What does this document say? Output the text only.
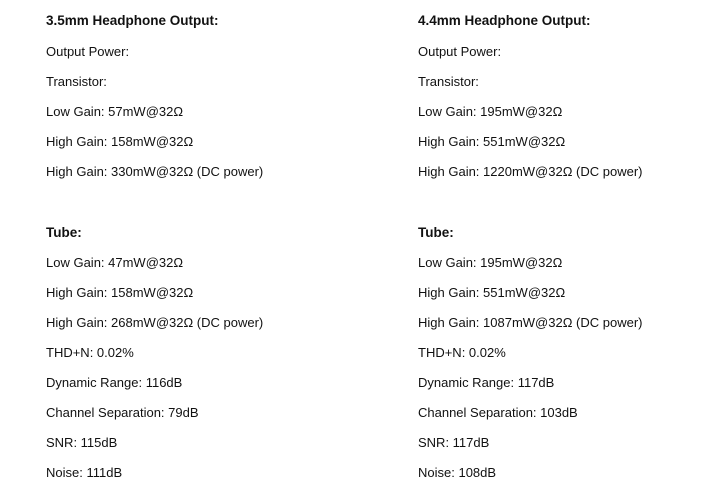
3.5mm Headphone Output:
Output Power:
Transistor:
Low Gain: 57mW@32Ω
High Gain: 158mW@32Ω
High Gain: 330mW@32Ω (DC power)
Tube:
Low Gain: 47mW@32Ω
High Gain: 158mW@32Ω
High Gain: 268mW@32Ω (DC power)
THD+N: 0.02%
Dynamic Range: 116dB
Channel Separation: 79dB
SNR: 115dB
Noise: 111dB
4.4mm Headphone Output:
Output Power:
Transistor:
Low Gain: 195mW@32Ω
High Gain: 551mW@32Ω
High Gain: 1220mW@32Ω (DC power)
Tube:
Low Gain: 195mW@32Ω
High Gain: 551mW@32Ω
High Gain: 1087mW@32Ω (DC power)
THD+N: 0.02%
Dynamic Range: 117dB
Channel Separation: 103dB
SNR: 117dB
Noise: 108dB
